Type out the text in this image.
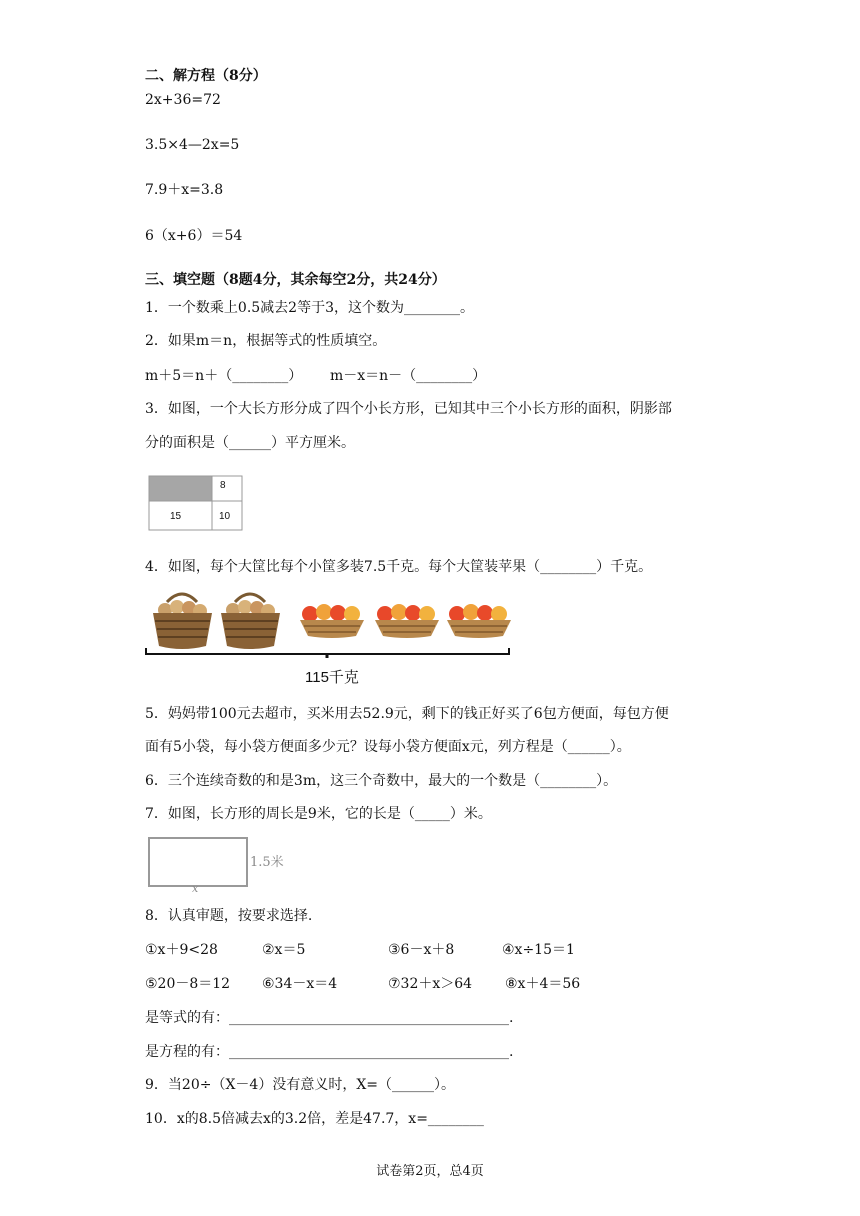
二、解方程（8分）
2x+36=72
3.5×4—2x=5
7.9＋x=3.8
6（x+6）＝54
三、填空题（8题4分，其余每空2分，共24分）
1．一个数乘上0.5减去2等于3，这个数为________。
2．如果m＝n，根据等式的性质填空。
m＋5＝n＋（________） m－x＝n－（________）
3．如图，一个大长方形分成了四个小长方形，已知其中三个小长方形的面积，阴影部
分的面积是（______）平方厘米。
8
15	10
4．如图，每个大筐比每个小筐多装7.5千克。每个大筐装苹果（________）千克。
115千克
5．妈妈带100元去超市，买米用去52.9元，剩下的钱正好买了6包方便面，每包方便
面有5小袋，每小袋方便面多少元？设每小袋方便面x元，列方程是（______）。
6．三个连续奇数的和是3m，这三个奇数中，最大的一个数是（________）。
7．如图，长方形的周长是9米，它的长是（_____）米。
1.5米
x
8．认真审题，按要求选择.
①x＋9<28	②x＝5	③6－x＋8	④x÷15＝1
⑤20－8＝12 ⑥34－x＝4	⑦32＋x＞64 ⑧x＋4＝56
是等式的有：________________________________________.
是方程的有：________________________________________.
9．当20÷（X－4）没有意义时，X=（______）。
10．x的8.5倍减去x的3.2倍，差是47.7，x=________
试卷第2页，总4页
